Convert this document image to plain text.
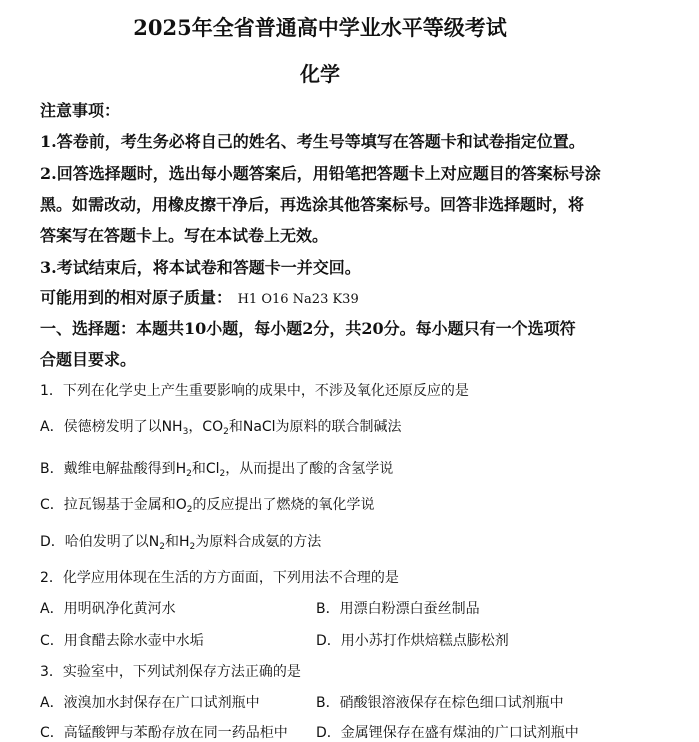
2025年全省普通高中学业水平等级考试
化学
注意事项：
1.答卷前，考生务必将自己的姓名、考生号等填写在答题卡和试卷指定位置。
2.回答选择题时，选出每小题答案后，用铅笔把答题卡上对应题目的答案标号涂
黑。如需改动，用橡皮擦干净后，再选涂其他答案标号。回答非选择题时，将
答案写在答题卡上。写在本试卷上无效。
3.考试结束后，将本试卷和答题卡一并交回。
可能用到的相对原子质量： H1 O16 Na23 K39
一、选择题：本题共10小题，每小题2分，共20分。每小题只有一个选项符
合题目要求。
1．下列在化学史上产生重要影响的成果中，不涉及氧化还原反应的是
A．侯德榜发明了以$NH_3$，$CO_2$和NaCl为原料的联合制碱法
B．戴维电解盐酸得到$H_2$和$Cl_2$，从而提出了酸的含氢学说
C．拉瓦锡基于金属和$O_2$的反应提出了燃烧的氧化学说
D．哈伯发明了以$N_2$和$H_2$为原料合成氨的方法
2．化学应用体现在生活的方方面面，下列用法不合理的是
A．用明矾净化黄河水	B．用漂白粉漂白蚕丝制品
C．用食醋去除水壶中水垢	D．用小苏打作烘焙糕点膨松剂
3．实验室中，下列试剂保存方法正确的是
A．液溴加水封保存在广口试剂瓶中	B．硝酸银溶液保存在棕色细口试剂瓶中
C．高锰酸钾与苯酚存放在同一药品柜中 D．金属锂保存在盛有煤油的广口试剂瓶中
